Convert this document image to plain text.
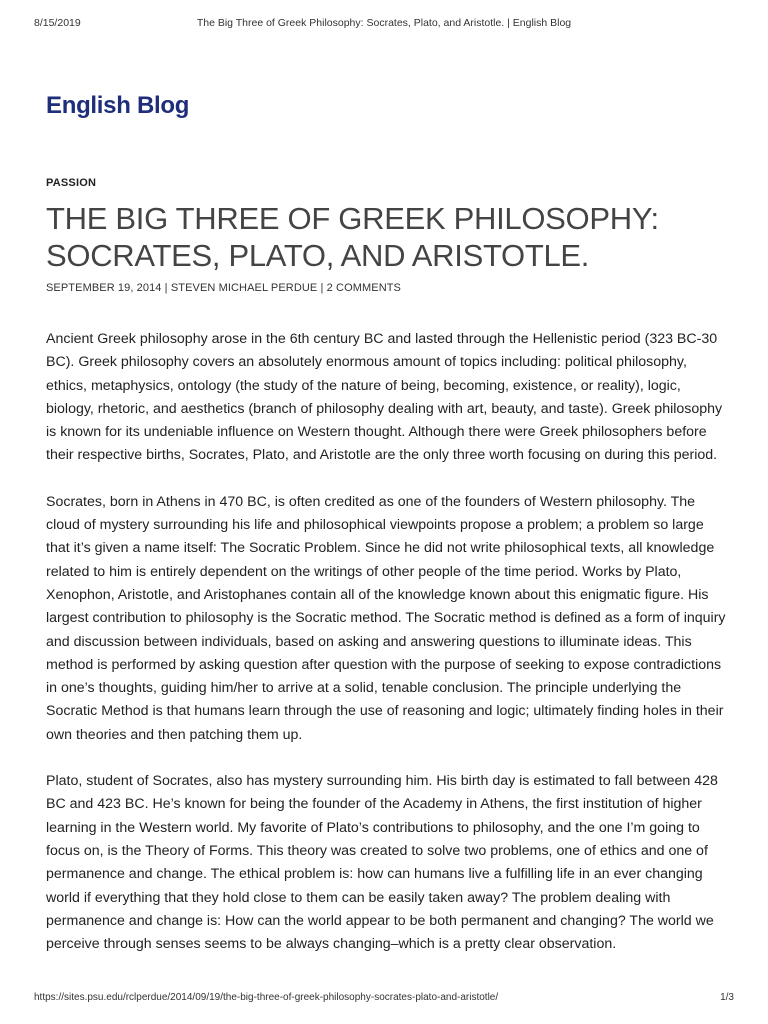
8/15/2019	The Big Three of Greek Philosophy: Socrates, Plato, and Aristotle. | English Blog
English Blog
PASSION
THE BIG THREE OF GREEK PHILOSOPHY: SOCRATES, PLATO, AND ARISTOTLE.
SEPTEMBER 19, 2014 | STEVEN MICHAEL PERDUE | 2 COMMENTS

Ancient Greek philosophy arose in the 6th century BC and lasted through the Hellenistic period (323 BC-30 BC). Greek philosophy covers an absolutely enormous amount of topics including: political philosophy, ethics, metaphysics, ontology (the study of the nature of being, becoming, existence, or reality), logic, biology, rhetoric, and aesthetics (branch of philosophy dealing with art, beauty, and taste). Greek philosophy is known for its undeniable influence on Western thought. Although there were Greek philosophers before their respective births, Socrates, Plato, and Aristotle are the only three worth focusing on during this period.

Socrates, born in Athens in 470 BC, is often credited as one of the founders of Western philosophy. The cloud of mystery surrounding his life and philosophical viewpoints propose a problem; a problem so large that it’s given a name itself: The Socratic Problem. Since he did not write philosophical texts, all knowledge related to him is entirely dependent on the writings of other people of the time period. Works by Plato, Xenophon, Aristotle, and Aristophanes contain all of the knowledge known about this enigmatic figure. His largest contribution to philosophy is the Socratic method. The Socratic method is defined as a form of inquiry and discussion between individuals, based on asking and answering questions to illuminate ideas. This method is performed by asking question after question with the purpose of seeking to expose contradictions in one’s thoughts, guiding him/her to arrive at a solid, tenable conclusion. The principle underlying the Socratic Method is that humans learn through the use of reasoning and logic; ultimately finding holes in their own theories and then patching them up.

Plato, student of Socrates, also has mystery surrounding him. His birth day is estimated to fall between 428 BC and 423 BC. He’s known for being the founder of the Academy in Athens, the first institution of higher learning in the Western world. My favorite of Plato’s contributions to philosophy, and the one I’m going to focus on, is the Theory of Forms. This theory was created to solve two problems, one of ethics and one of permanence and change. The ethical problem is: how can humans live a fulfilling life in an ever changing world if everything that they hold close to them can be easily taken away? The problem dealing with permanence and change is: How can the world appear to be both permanent and changing? The world we perceive through senses seems to be always changing–which is a pretty clear observation.

https://sites.psu.edu/rclperdue/2014/09/19/the-big-three-of-greek-philosophy-socrates-plato-and-aristotle/	1/3
